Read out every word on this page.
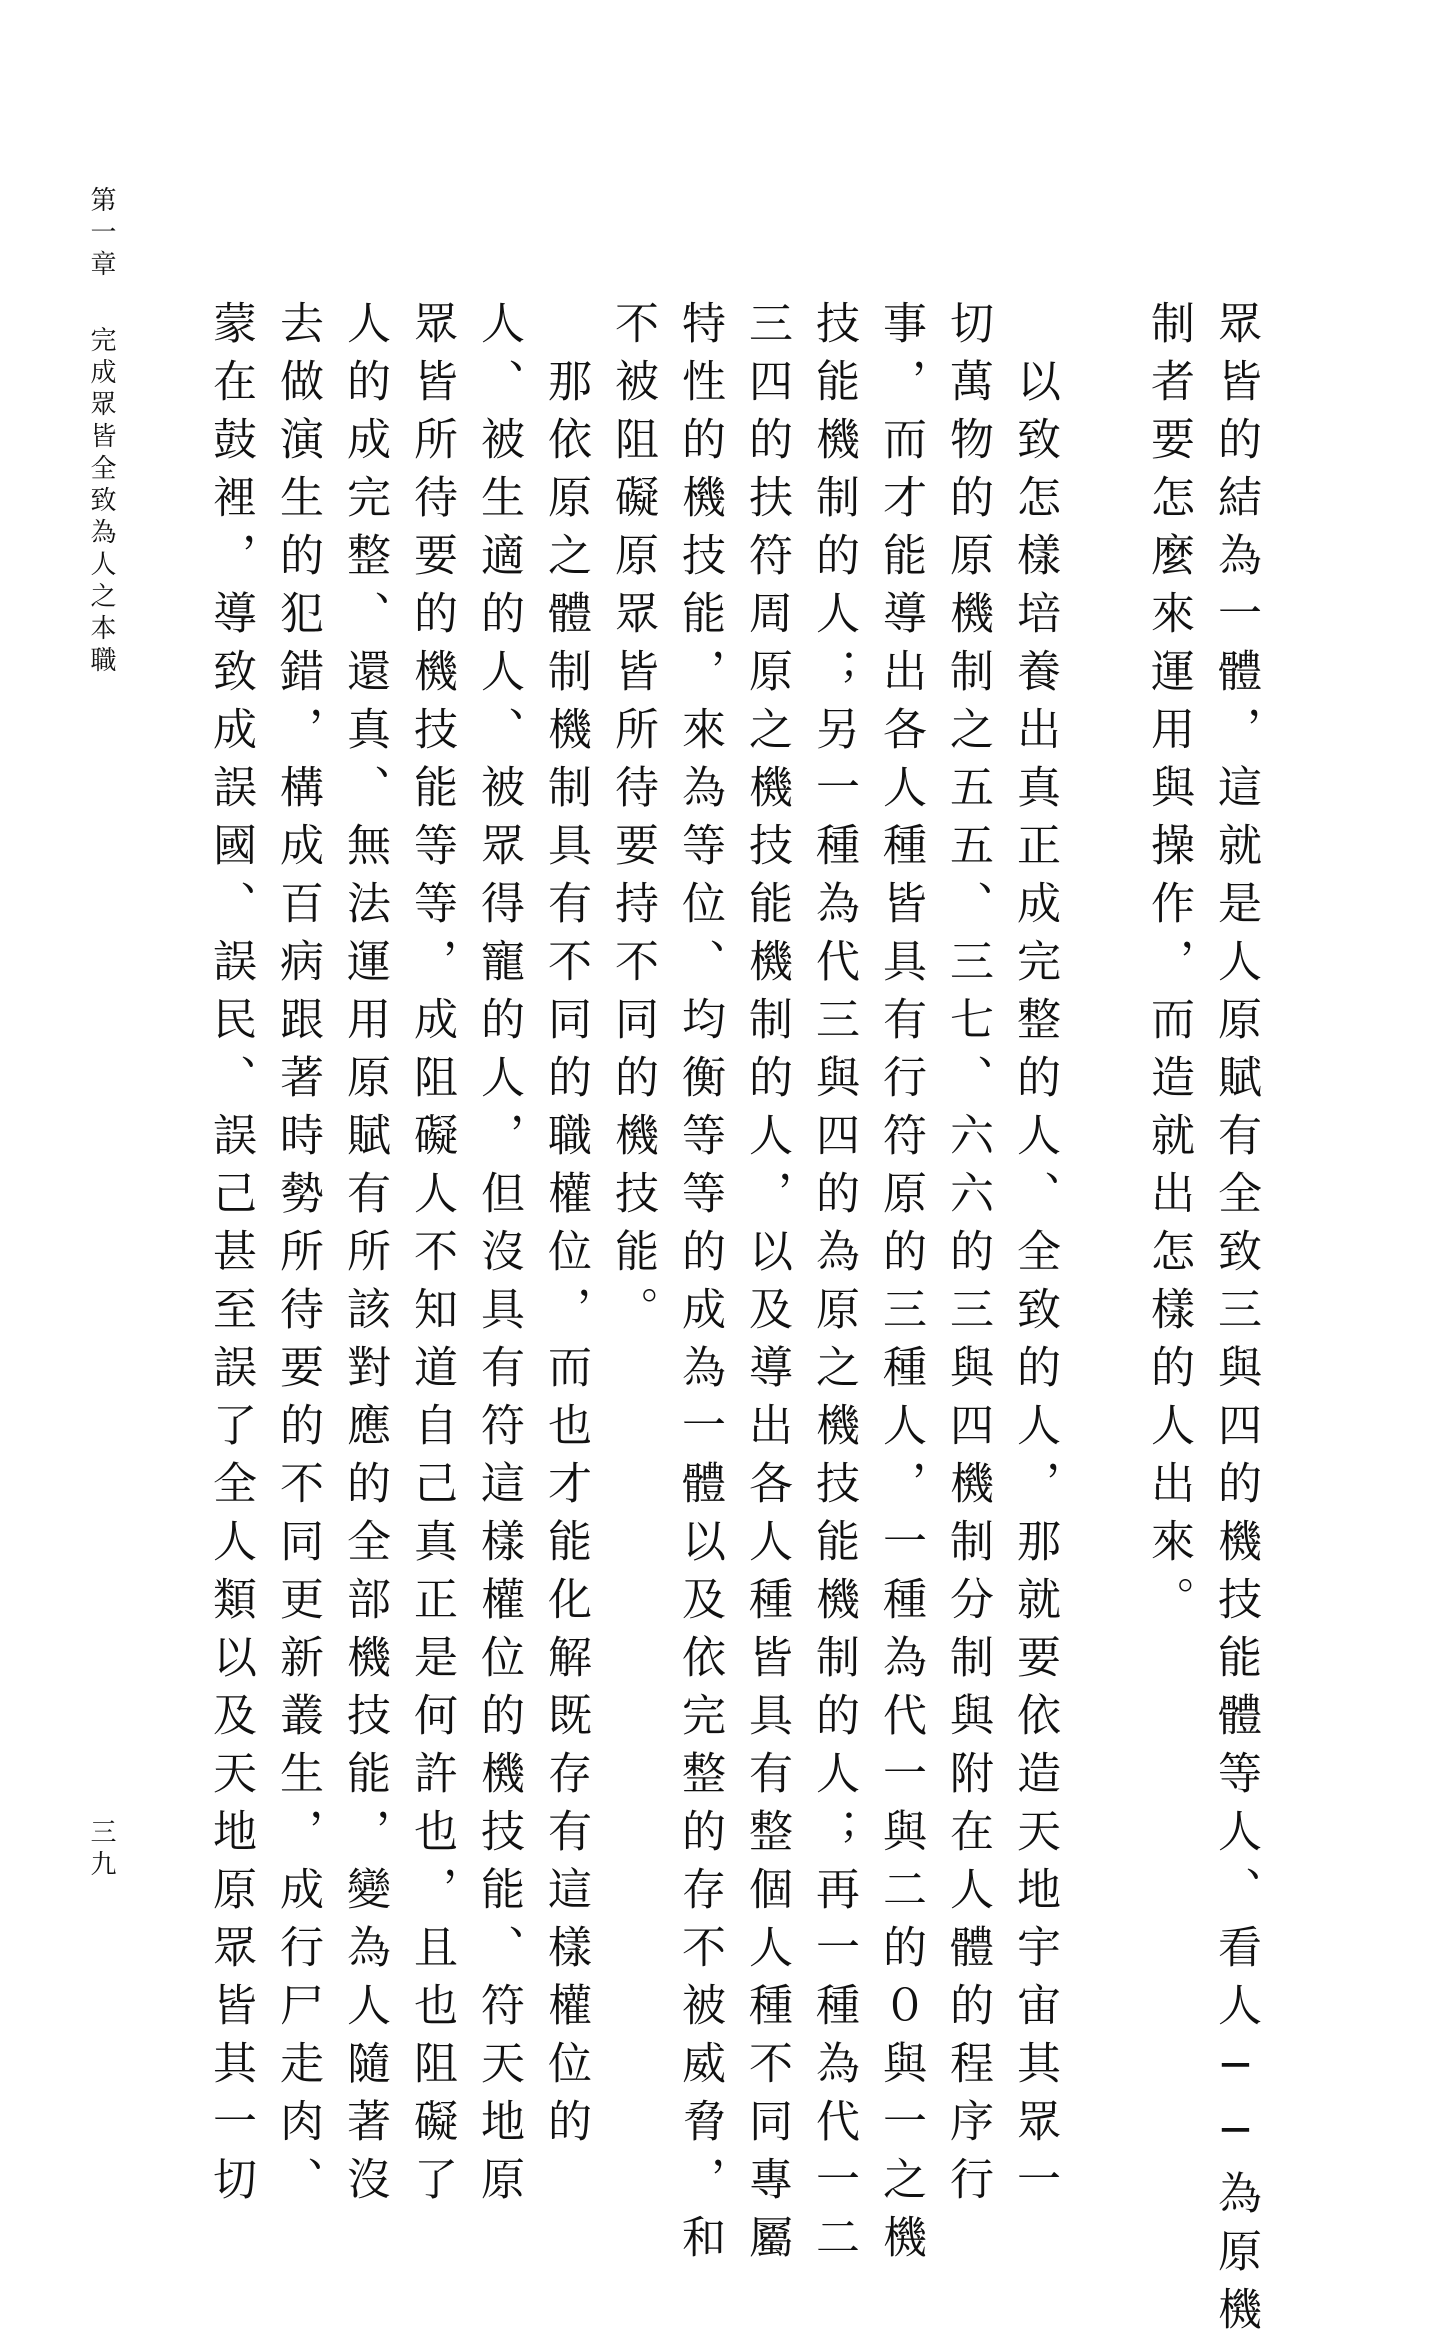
第一章
完成眾皆全致為人之本職
三九	眾皆的結為一體，這就是人原賦有全致三與四的機技能體等人、看人──為原機
制者要怎麼來運用與操作，而造就出怎樣的人出來。
　以致怎樣培養出真正成完整的人、全致的人，那就要依造天地宇宙其眾一
切萬物的原機制之五五、三七、六六的三與四機制分制與附在人體的程序行
事，而才能導出各人種皆具有行符原的三種人，一種為代一與二的０與一之機
技能機制的人；另一種為代三與四的為原之機技能機制的人；再一種為代一二
三四的扶符周原之機技能機制的人，以及導出各人種皆具有整個人種不同專屬
特性的機技能，來為等位、均衡等等的成為一體以及依完整的存不被威脅，和
不被阻礙原眾皆所待要持不同的機技能。
　那依原之體制機制具有不同的職權位，而也才能化解既存有這樣權位的
人、被生適的人、被眾得寵的人，但沒具有符這樣權位的機技能、符天地原
眾皆所待要的機技能等等，成阻礙人不知道自己真正是何許也，且也阻礙了
人的成完整、還真、無法運用原賦有所該對應的全部機技能，變為人隨著沒
去做演生的犯錯，構成百病跟著時勢所待要的不同更新叢生，成行尸走肉、
蒙在鼓裡，導致成誤國、誤民、誤己甚至誤了全人類以及天地原眾皆其一切
